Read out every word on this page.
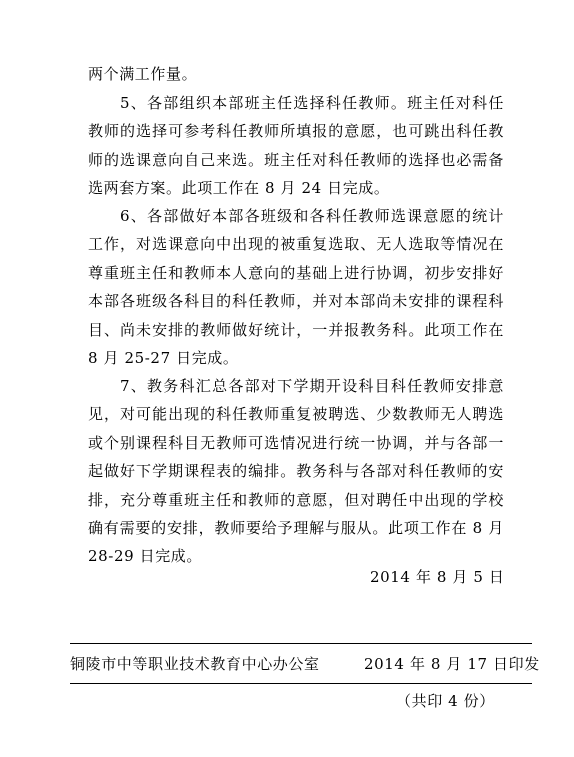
两个满工作量。

5、各部组织本部班主任选择科任教师。班主任对科任教师的选择可参考科任教师所填报的意愿，也可跳出科任教师的选课意向自己来选。班主任对科任教师的选择也必需备选两套方案。此项工作在 8 月 24 日完成。

6、各部做好本部各班级和各科任教师选课意愿的统计工作，对选课意向中出现的被重复选取、无人选取等情况在尊重班主任和教师本人意向的基础上进行协调，初步安排好本部各班级各科目的科任教师，并对本部尚未安排的课程科目、尚未安排的教师做好统计，一并报教务科。此项工作在 8 月 25-27 日完成。

7、教务科汇总各部对下学期开设科目科任教师安排意见，对可能出现的科任教师重复被聘选、少数教师无人聘选或个别课程科目无教师可选情况进行统一协调，并与各部一起做好下学期课程表的编排。教务科与各部对科任教师的安排，充分尊重班主任和教师的意愿，但对聘任中出现的学校确有需要的安排，教师要给予理解与服从。此项工作在 8 月 28-29 日完成。

2014 年 8 月 5 日
铜陵市中等职业技术教育中心办公室	2014 年 8 月 17 日印发
（共印 4 份）
